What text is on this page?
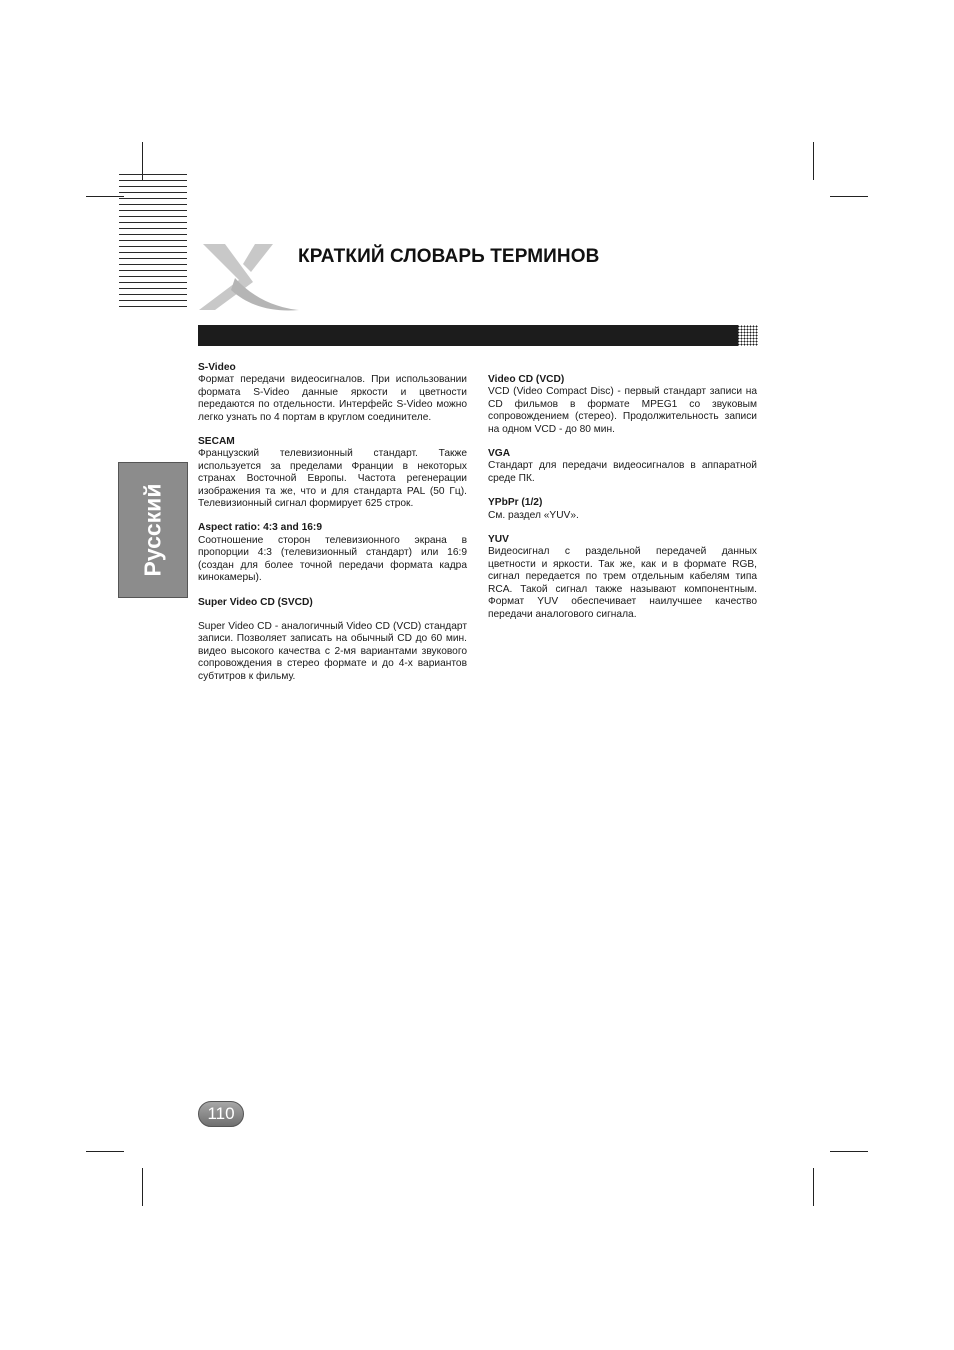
КРАТКИЙ СЛОВАРЬ ТЕРМИНОВ
Русский

S-Video

Формат передачи видеосигналов. При использовании формата S-Video данные яркости и цветности передаются по отдельности. Интерфейс S-Video можно легко узнать по 4 портам в круглом соединителе.

SECAM

Французский телевизионный стандарт. Также используется за пределами Франции в некоторых странах Восточной Европы. Частота регенерации изображения та же, что и для стандарта PAL (50 Гц). Телевизионный сигнал формирует 625 строк.

Aspect ratio: 4:3 and 16:9

Соотношение сторон телевизионного экрана в пропорции 4:3 (телевизионный стандарт) или 16:9 (создан для более точной передачи формата кадра кинокамеры).

Super Video CD (SVCD)

Super Video CD - аналогичный Video CD (VCD) стандарт записи. Позволяет записать на обычный CD до 60 мин. видео высокого качества с 2-мя вариантами звукового сопровождения в стерео формате и до 4-х вариантов субтитров к фильму.

Video CD (VCD)

VCD (Video Compact Disc) - первый стандарт записи на CD фильмов в формате MPEG1 со звуковым сопровождением (стерео). Продолжительность записи на одном VCD - до 80 мин.

VGA

Стандарт для передачи видеосигналов в аппаратной среде ПК.

YPbPr (1/2)

См. раздел «YUV».

YUV

Видеосигнал с раздельной передачей данных цветности и яркости. Так же, как и в формате RGB, сигнал передается по трем отдельным кабелям типа RCA. Такой сигнал также называют компонентным. Формат YUV обеспечивает наилучшее качество передачи аналогового сигнала.

110
